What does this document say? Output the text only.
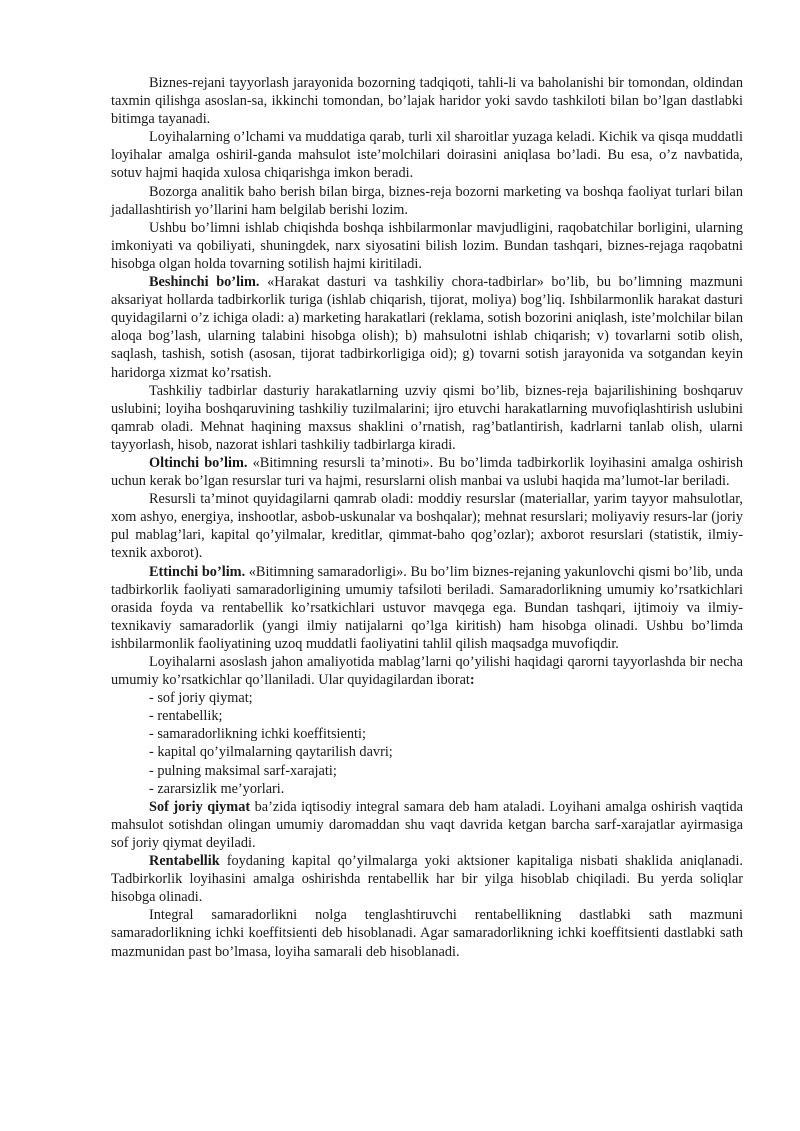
Biznes-rejani tayyorlash jarayonida bozorning tadqiqoti, tahli-li va baholanishi bir tomondan, oldindan taxmin qilishga asoslan-sa, ikkinchi tomondan, bo’lajak haridor yoki savdo tashkiloti bilan bo’lgan dastlabki bitimga tayanadi.

Loyihalarning o’lchami va muddatiga qarab, turli xil sharoitlar yuzaga keladi. Kichik va qisqa muddatli loyihalar amalga oshiril-ganda mahsulot iste’molchilari doirasini aniqlasa bo’ladi. Bu esa, o’z navbatida, sotuv hajmi haqida xulosa chiqarishga imkon beradi.

Bozorga analitik baho berish bilan birga, biznes-reja bozorni marketing va boshqa faoliyat turlari bilan jadallashtirish yo’llarini ham belgilab berishi lozim.

Ushbu bo’limni ishlab chiqishda boshqa ishbilarmonlar mavjudligini, raqobatchilar borligini, ularning imkoniyati va qobiliyati, shuningdek, narx siyosatini bilish lozim. Bundan tashqari, biznes-rejaga raqobatni hisobga olgan holda tovarning sotilish hajmi kiritiladi.

Beshinchi bo’lim. «Harakat dasturi va tashkiliy chora-tadbirlar» bo’lib, bu bo’limning mazmuni aksariyat hollarda tadbirkorlik turiga (ishlab chiqarish, tijorat, moliya) bog’liq. Ishbilarmonlik harakat dasturi quyidagilarni o’z ichiga oladi: a) marketing harakatlari (reklama, sotish bozorini aniqlash, iste’molchilar bilan aloqa bog’lash, ularning talabini hisobga olish); b) mahsulotni ishlab chiqarish; v) tovarlarni sotib olish, saqlash, tashish, sotish (asosan, tijorat tadbirkorligiga oid); g) tovarni sotish jarayonida va sotgandan keyin haridorga xizmat ko’rsatish.

Tashkiliy tadbirlar dasturiy harakatlarning uzviy qismi bo’lib, biznes-reja bajarilishining boshqaruv uslubini; loyiha boshqaruvining tashkiliy tuzilmalarini; ijro etuvchi harakatlarning muvofiqlashtirish uslubini qamrab oladi. Mehnat haqining maxsus shaklini o’rnatish, rag’batlantirish, kadrlarni tanlab olish, ularni tayyorlash, hisob, nazorat ishlari tashkiliy tadbirlarga kiradi.

Oltinchi bo’lim. «Bitimning resursli ta’minoti». Bu bo’limda tadbirkorlik loyihasini amalga oshirish uchun kerak bo’lgan resurslar turi va hajmi, resurslarni olish manbai va uslubi haqida ma’lumot-lar beriladi.

Resursli ta’minot quyidagilarni qamrab oladi: moddiy resurslar (materiallar, yarim tayyor mahsulotlar, xom ashyo, energiya, inshootlar, asbob-uskunalar va boshqalar); mehnat resurslari; moliyaviy resurs-lar (joriy pul mablag’lari, kapital qo’yilmalar, kreditlar, qimmat-baho qog’ozlar); axborot resurslari (statistik, ilmiy-texnik axborot).

Ettinchi bo’lim. «Bitimning samaradorligi». Bu bo’lim biznes-rejaning yakunlovchi qismi bo’lib, unda tadbirkorlik faoliyati samaradorligining umumiy tafsiloti beriladi. Samaradorlikning umumiy ko’rsatkichlari orasida foyda va rentabellik ko’rsatkichlari ustuvor mavqega ega. Bundan tashqari, ijtimoiy va ilmiy-texnikaviy samaradorlik (yangi ilmiy natijalarni qo’lga kiritish) ham hisobga olinadi. Ushbu bo’limda ishbilarmonlik faoliyatining uzoq muddatli faoliyatini tahlil qilish maqsadga muvofiqdir.

Loyihalarni asoslash jahon amaliyotida mablag’larni qo’yilishi haqidagi qarorni tayyorlashda bir necha umumiy ko’rsatkichlar qo’llaniladi. Ular quyidagilardan iborat:

- sof joriy qiymat;
- rentabellik;
- samaradorlikning ichki koeffitsienti;
- kapital qo’yilmalarning qaytarilish davri;
- pulning maksimal sarf-xarajati;
- zararsizlik me’yorlari.

Sof joriy qiymat ba’zida iqtisodiy integral samara deb ham ataladi. Loyihani amalga oshirish vaqtida mahsulot sotishdan olingan umumiy daromaddan shu vaqt davrida ketgan barcha sarf-xarajatlar ayirmasiga sof joriy qiymat deyiladi.

Rentabellik foydaning kapital qo’yilmalarga yoki aktsioner kapitaliga nisbati shaklida aniqlanadi. Tadbirkorlik loyihasini amalga oshirishda rentabellik har bir yilga hisoblab chiqiladi. Bu yerda soliqlar hisobga olinadi.

Integral samaradorlikni nolga tenglashtiruvchi rentabellikning dastlabki sath mazmuni samaradorlikning ichki koeffitsienti deb hisoblanadi. Agar samaradorlikning ichki koeffitsienti dastlabki sath mazmunidan past bo’lmasa, loyiha samarali deb hisoblanadi.
